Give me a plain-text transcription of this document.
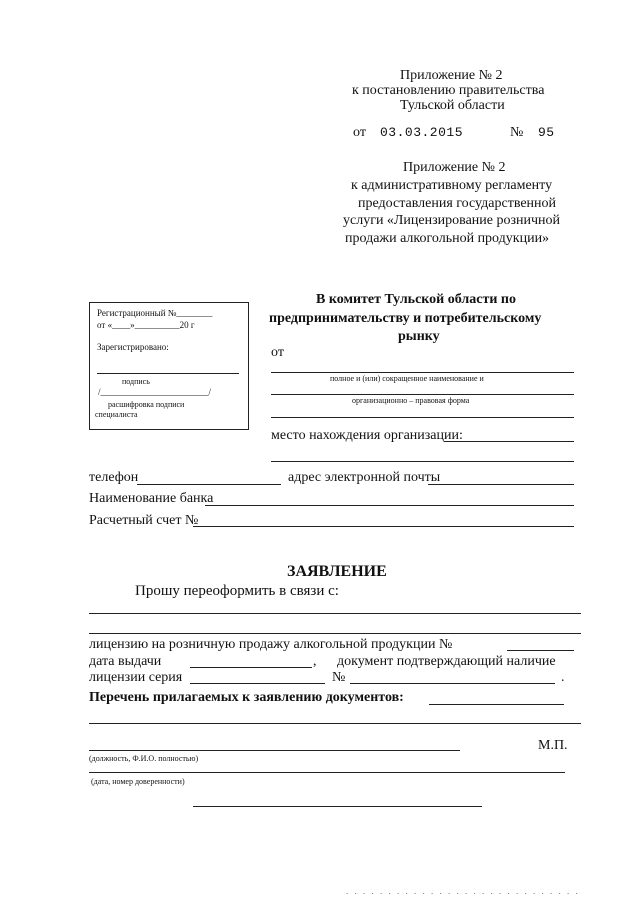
Приложение № 2
к постановлению правительства
Тульской области
от 03.03.2015	№ 95
Приложение № 2
к административному регламенту
предоставления государственной
услуги «Лицензирование розничной
продажи алкогольной продукции»
Регистрационный №________
от «____»__________20 г
Зарегистрировано:
подпись
/________________________/
расшифровка подписи
специалиста
В комитет Тульской области по
предпринимательству и потребительскому
рынку
от
полное и (или) сокращенное наименование и
организационно – правовая форма
место нахождения организации:
телефон	адрес электронной почты
Наименование банка
Расчетный счет №
ЗАЯВЛЕНИЕ
Прошу переоформить в связи с:
лицензию на розничную продажу алкогольной продукции №
дата выдачи	, документ подтверждающий наличие
лицензии серия	№	.
Перечень прилагаемых к заявлению документов:
М.П.
(должность, Ф.И.О. полностью)
(дата, номер доверенности)
. . . . . . . . . . . . . . . . . . . . . . . . . . . .
